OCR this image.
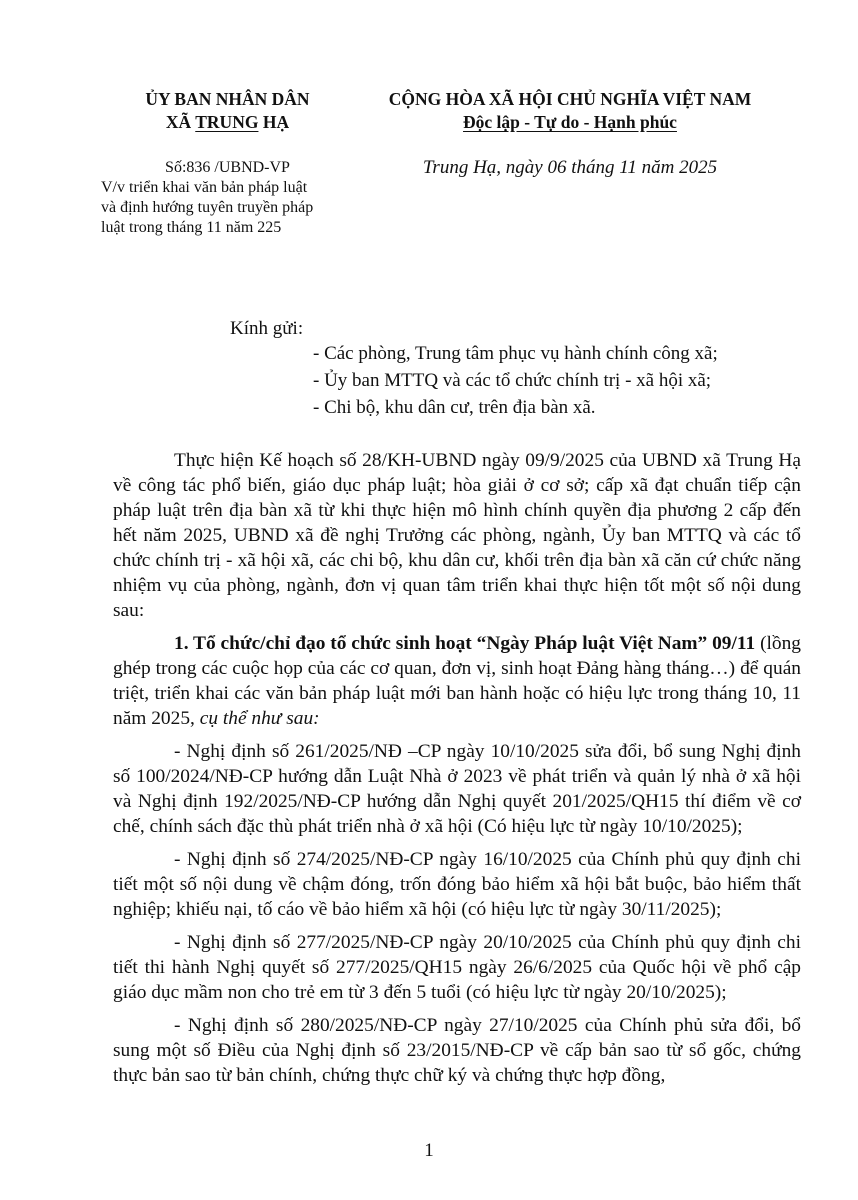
ỦY BAN NHÂN DÂN
XÃ TRUNG HẠ
Số:836 /UBND-VP
V/v triển khai văn bản pháp luật
và định hướng tuyên truyền pháp
luật trong tháng 11 năm 225
CỘNG HÒA XÃ HỘI CHỦ NGHĨA VIỆT NAM
Độc lập - Tự do - Hạnh phúc
Trung Hạ, ngày 06 tháng 11 năm 2025
Kính gửi:
- Các phòng, Trung tâm phục vụ hành chính công xã;
- Ủy ban MTTQ và các tổ chức chính trị - xã hội xã;
- Chi bộ, khu dân cư, trên địa bàn xã.

Thực hiện Kế hoạch số 28/KH-UBND ngày 09/9/2025 của UBND xã Trung Hạ về công tác phổ biến, giáo dục pháp luật; hòa giải ở cơ sở; cấp xã đạt chuẩn tiếp cận pháp luật trên địa bàn xã từ khi thực hiện mô hình chính quyền địa phương 2 cấp đến hết năm 2025, UBND xã đề nghị Trưởng các phòng, ngành, Ủy ban MTTQ và các tổ chức chính trị - xã hội xã, các chi bộ, khu dân cư, khối trên địa bàn xã căn cứ chức năng nhiệm vụ của phòng, ngành, đơn vị quan tâm triển khai thực hiện tốt một số nội dung sau:

1. Tổ chức/chỉ đạo tổ chức sinh hoạt “Ngày Pháp luật Việt Nam” 09/11 (lồng ghép trong các cuộc họp của các cơ quan, đơn vị, sinh hoạt Đảng hàng tháng…) để quán triệt, triển khai các văn bản pháp luật mới ban hành hoặc có hiệu lực trong tháng 10, 11 năm 2025, cụ thể như sau:

- Nghị định số 261/2025/NĐ –CP ngày 10/10/2025 sửa đổi, bổ sung Nghị định số 100/2024/NĐ-CP hướng dẫn Luật Nhà ở 2023 về phát triển và quản lý nhà ở xã hội và Nghị định 192/2025/NĐ-CP hướng dẫn Nghị quyết 201/2025/QH15 thí điểm về cơ chế, chính sách đặc thù phát triển nhà ở xã hội (Có hiệu lực từ ngày 10/10/2025);

- Nghị định số 274/2025/NĐ-CP ngày 16/10/2025 của Chính phủ quy định chi tiết một số nội dung về chậm đóng, trốn đóng bảo hiểm xã hội bắt buộc, bảo hiểm thất nghiệp; khiếu nại, tố cáo về bảo hiểm xã hội (có hiệu lực từ ngày 30/11/2025);

- Nghị định số 277/2025/NĐ-CP ngày 20/10/2025 của Chính phủ quy định chi tiết thi hành Nghị quyết số 277/2025/QH15 ngày 26/6/2025 của Quốc hội về phổ cập giáo dục mầm non cho trẻ em từ 3 đến 5 tuổi (có hiệu lực từ ngày 20/10/2025);

- Nghị định số 280/2025/NĐ-CP ngày 27/10/2025 của Chính phủ sửa đổi, bổ sung một số Điều của Nghị định số 23/2015/NĐ-CP về cấp bản sao từ sổ gốc, chứng thực bản sao từ bản chính, chứng thực chữ ký và chứng thực hợp đồng,

1
